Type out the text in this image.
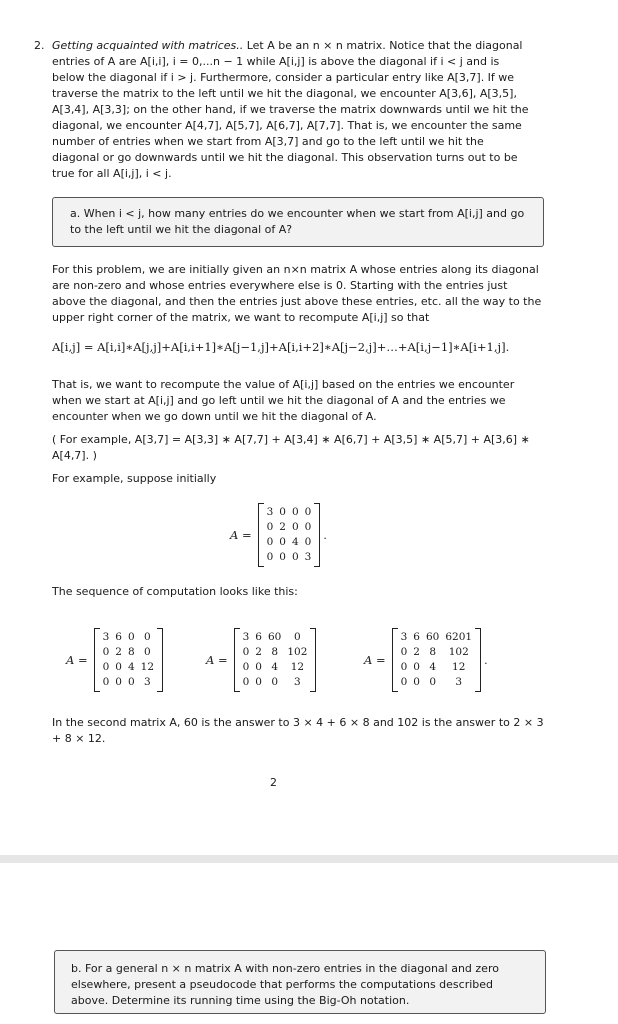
2. Getting acquainted with matrices.. Let A be an n × n matrix. Notice that the diagonal entries of A are A[i,i], i = 0,...n − 1 while A[i,j] is above the diagonal if i < j and is below the diagonal if i > j. Furthermore, consider a particular entry like A[3,7]. If we traverse the matrix to the left until we hit the diagonal, we encounter A[3,6], A[3,5], A[3,4], A[3,3]; on the other hand, if we traverse the matrix downwards until we hit the diagonal, we encounter A[4,7], A[5,7], A[6,7], A[7,7]. That is, we encounter the same number of entries when we start from A[3,7] and go to the left until we hit the diagonal or go downwards until we hit the diagonal. This observation turns out to be true for all A[i,j], i < j.
a. When i < j, how many entries do we encounter when we start from A[i,j] and go to the left until we hit the diagonal of A?

For this problem, we are initially given an n×n matrix A whose entries along its diagonal are non-zero and whose entries everywhere else is 0. Starting with the entries just above the diagonal, and then the entries just above these entries, etc. all the way to the upper right corner of the matrix, we want to recompute A[i,j] so that

A[i,j] = A[i,i]∗A[j,j]+A[i,i+1]∗A[j−1,j]+A[i,i+2]∗A[j−2,j]+…+A[i,j−1]∗A[i+1,j].

That is, we want to recompute the value of A[i,j] based on the entries we encounter when we start at A[i,j] and go left until we hit the diagonal of A and the entries we encounter when we go down until we hit the diagonal of A.

( For example, A[3,7] = A[3,3] ∗ A[7,7] + A[3,4] ∗ A[6,7] + A[3,5] ∗ A[5,7] + A[3,6] ∗ A[4,7]. )

For example, suppose initially

A =
3	0	0	0
0	2	0	0
0	0	4	0
0	0	0	3
.

The sequence of computation looks like this:

A =
3	6	0	0
0	2	8	0
0	0	4	12
0	0	0	3
A =
3	6	60	0
0	2	8	102
0	0	4	12
0	0	0	3
A =
3	6	60	6201
0	2	8	102
0	0	4	12
0	0	0	3
.

In the second matrix A, 60 is the answer to 3 × 4 + 6 × 8 and 102 is the answer to 2 × 3 + 8 × 12.

2
b. For a general n × n matrix A with non-zero entries in the diagonal and zero elsewhere, present a pseudocode that performs the computations described above. Determine its running time using the Big-Oh notation.
